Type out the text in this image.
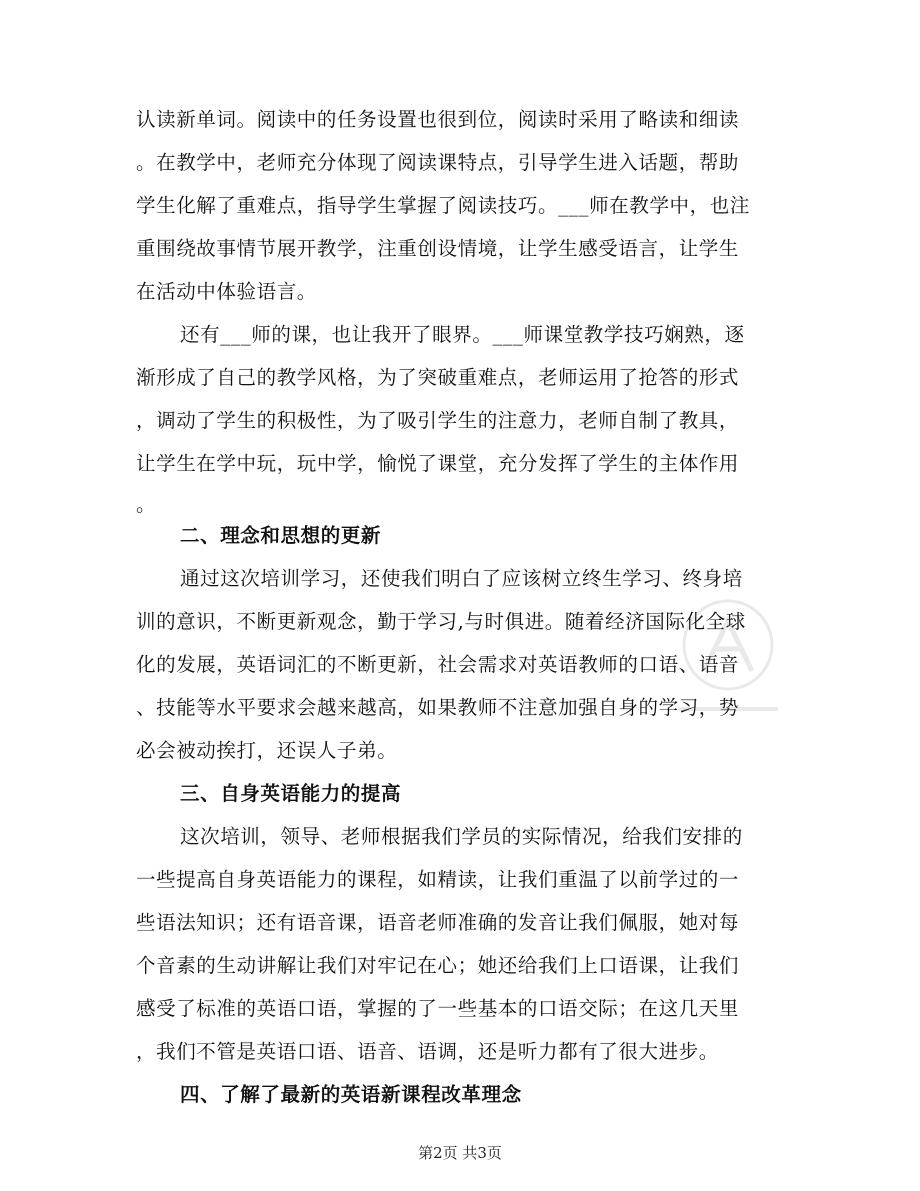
认读新单词。阅读中的任务设置也很到位，阅读时采用了略读和细读
。在教学中，老师充分体现了阅读课特点，引导学生进入话题，帮助
学生化解了重难点，指导学生掌握了阅读技巧。___师在教学中，也注
重围绕故事情节展开教学，注重创设情境，让学生感受语言，让学生
在活动中体验语言。
还有___师的课，也让我开了眼界。___师课堂教学技巧娴熟，逐
渐形成了自己的教学风格，为了突破重难点，老师运用了抢答的形式
，调动了学生的积极性，为了吸引学生的注意力，老师自制了教具，
让学生在学中玩，玩中学，愉悦了课堂，充分发挥了学生的主体作用
。
二、理念和思想的更新
通过这次培训学习，还使我们明白了应该树立终生学习、终身培
训的意识，不断更新观念，勤于学习,与时俱进。随着经济国际化全球
化的发展，英语词汇的不断更新，社会需求对英语教师的口语、语音
、技能等水平要求会越来越高，如果教师不注意加强自身的学习，势
必会被动挨打，还误人子弟。
三、自身英语能力的提高
这次培训，领导、老师根据我们学员的实际情况，给我们安排的
一些提高自身英语能力的课程，如精读，让我们重温了以前学过的一
些语法知识；还有语音课，语音老师准确的发音让我们佩服，她对每
个音素的生动讲解让我们对牢记在心；她还给我们上口语课，让我们
感受了标准的英语口语，掌握的了一些基本的口语交际；在这几天里
，我们不管是英语口语、语音、语调，还是听力都有了很大进步。
四、了解了最新的英语新课程改革理念
第2页 共3页
